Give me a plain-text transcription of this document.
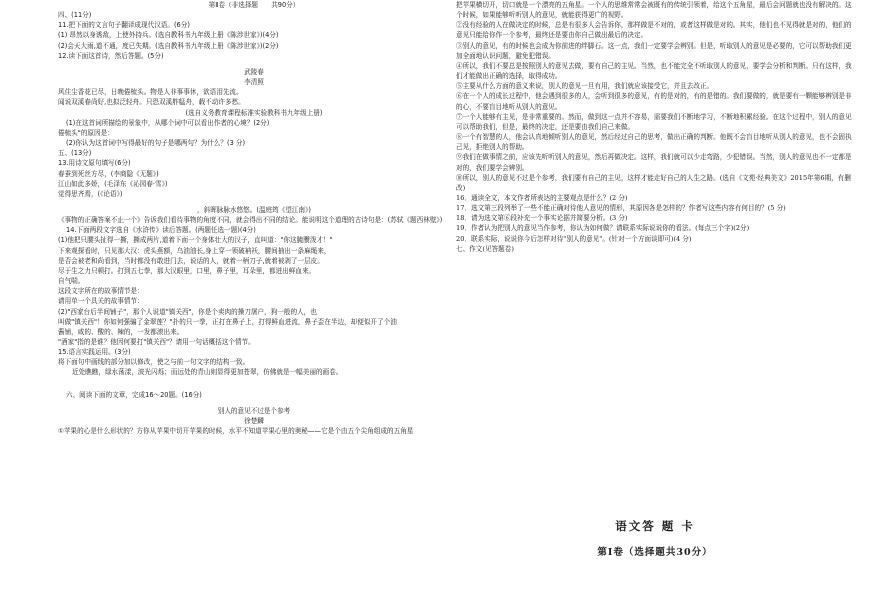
第Ⅱ卷（非选择题　　共90分）
四、(11分)
11.把下面的文言句子翻译成现代汉语。(6分)
(1) 昂然以身诱敌，上使外持兵。(选自教科书九年级上册《陈涉世家》)(4分)
(2)会天大雨,道不通，度已失期。(选自教科书九年级上册《陈涉世家》)(2分)
12.读下面这首诗，然后答题。(5分)
武陵春
李清照
风住尘香花已尽，日晚倦梳头。物是人非事事休，欲语泪先流。
闻说双溪春尚好,也拟泛轻舟。只恐双溪舴艋舟，载不动许多愁。
(选自义务教育课程标准实验教科书九年级上册)
(1)在这首词所描绘的景象中，从哪个词中可以看出作者的心境？(2分)
倦梳头"的原因是：
(2)你认为这首词中写得最好的句子是哪两句？为什么？(3 分)
五、(13分)
13.用诗文原句填写(6分)
春蚕到死丝方尽，(李商隐《无题》)
江山如此多娇，(毛泽东《沁园春·雪》)
觉得思齐焉，(《论语》)
，斜晖脉脉水悠悠。(温庭筠《望江南》)
《事物的正确答案不止一个》告诉我们看待事物的角度不同，就会得出不同的结论。能说明这个道理的古诗句是：(苏轼《题西林壁》)
14.下面两段文字选自《水浒传》读后答题。(两题任选一题)(4分)
(1)他把只腰头扯得一撕，撕成两片,道着下面一个身体壮大的汉子，直叫道："你这腌臜泼才！"
下来观探看时，只见那大汉：虎头燕额，乌油油长,身上穿一领破衲袄，腰间抽出一条麻绳来，
是否会被老和尚看到，当时都没有敢进门去，说话的人，就着一柄刀子,就着被剥了一层皮。
尽于生之力只顿打。打到五七拳，那大汉眼里，口里，鼻子里，耳朵里，都迸出鲜血来。
自气喘。
这段文字所在的故事情节是：
请用单一个具关的故事情节：
(2)"西家台后半间铺子"，那个人说道"镇关西"，你是个卖肉的操刀屠户，狗一般的人，也
叫做"镇关西"！你如何强骗了金翠莲？"扑的只一拳，正打在鼻子上，打得鲜血进流，鼻子歪在半边，却便似开了个油
酱铺，咸的、酸的、辣的，一发都滚出来。
"酒家"指的是谁？他因何要打"镇关西"？请用一句话概括这个情节。
15.语言实践运用。(3分)
将下面句中画线的部分加以修改，使之与前一句文字的结构一致。
近处瞧瞧，绿水荡漾，波光闪烁；而远处的青山则显得更加苍翠，仿佛就是一幅美丽的画卷。
六、阅读下面的文章，完成16～20题。(16分)
别人的意见不过是个参考
徐楚麟
①苹果的心是什么形状的？方你从苹果中切开苹果的时候，水平不知道苹果心里的奥秘——它是个由五个尖角组成的五角星
把苹果横切开，切口就是一个漂亮的五角星。一个人的思维常常会被既有的传统引领着，给这个五角星，最后会问题就也没有解决的。这个时候，如果能够听听别人的意见，就能获得更广的视野。
②没有经验的人在做决定的时候，总是有很多人会告诉你，那样做是不对的，或者这样做是对的。其实，他们也不见得就是对的，他们的意见只能给你作一个参考，最终还是要由你自己做出最后的决定。
③别人的意见，有的时候也会成为你前进的绊脚石。这一点，我们一定要学会辨别。但是，听取别人的意见是必要的，它可以帮助我们更加全面地认识问题，避免犯错误。
④所以，我们不要总是按照别人的意见去做，要有自己的主见。当然，也不能完全不听取别人的意见，要学会分析和判断。只有这样，我们才能做出正确的选择，取得成功。
⑤主要从什么方面的意义来说，别人的意见一旦有用，我们就应该接受它，并且去改正。
⑥在一个人的成长过程中，他会遇到很多的人，会听到很多的意见，有的是对的，有的是错的。我们要做的，就是要有一颗能够辨别是非的心，不要盲目地听从别人的意见。
⑦一个人能够有主见，是非常重要的。然而，做到这一点并不容易，需要我们不断地学习，不断地积累经验。在这个过程中，别人的意见可以帮助我们，但是，最终的决定，还是要由我们自己来做。
⑧一个有智慧的人，他会认真地倾听别人的意见，然后经过自己的思考，做出正确的判断。他既不会盲目地听从别人的意见，也不会固执己见，拒绝别人的帮助。
⑨我们在做事情之前，应该先听听别人的意见，然后再做决定。这样，我们就可以少走弯路，少犯错误。当然，别人的意见也不一定都是对的，我们要学会辨别。
⑩所以，别人的意见不过是个参考，我们要有自己的主见，这样才能走好自己的人生之路。(选自《文苑·经典美文》2015年第6期，有删改)
16．通读全文，本文作者所表达的主要观点是什么？(2 分)
17．选文第三段列举了一些不能正确对待他人意见的情形，其原因各是怎样的？作者写这些内容有何目的？(5 分)
18．请为选文第⑥段补充一个事实论据并简要分析。(3 分)
19．作者认为把别人的意见当作参考，你认为如何做？请联系实际说说你的看法。(每点三个字)(2分)
20．联系实际，说说你今后怎样对待"别人的意见"。(针对一个方面谈即可)(4 分)
七、作文(见答题卷)
语文答 题 卡
第Ⅰ卷（选择题共30分）
